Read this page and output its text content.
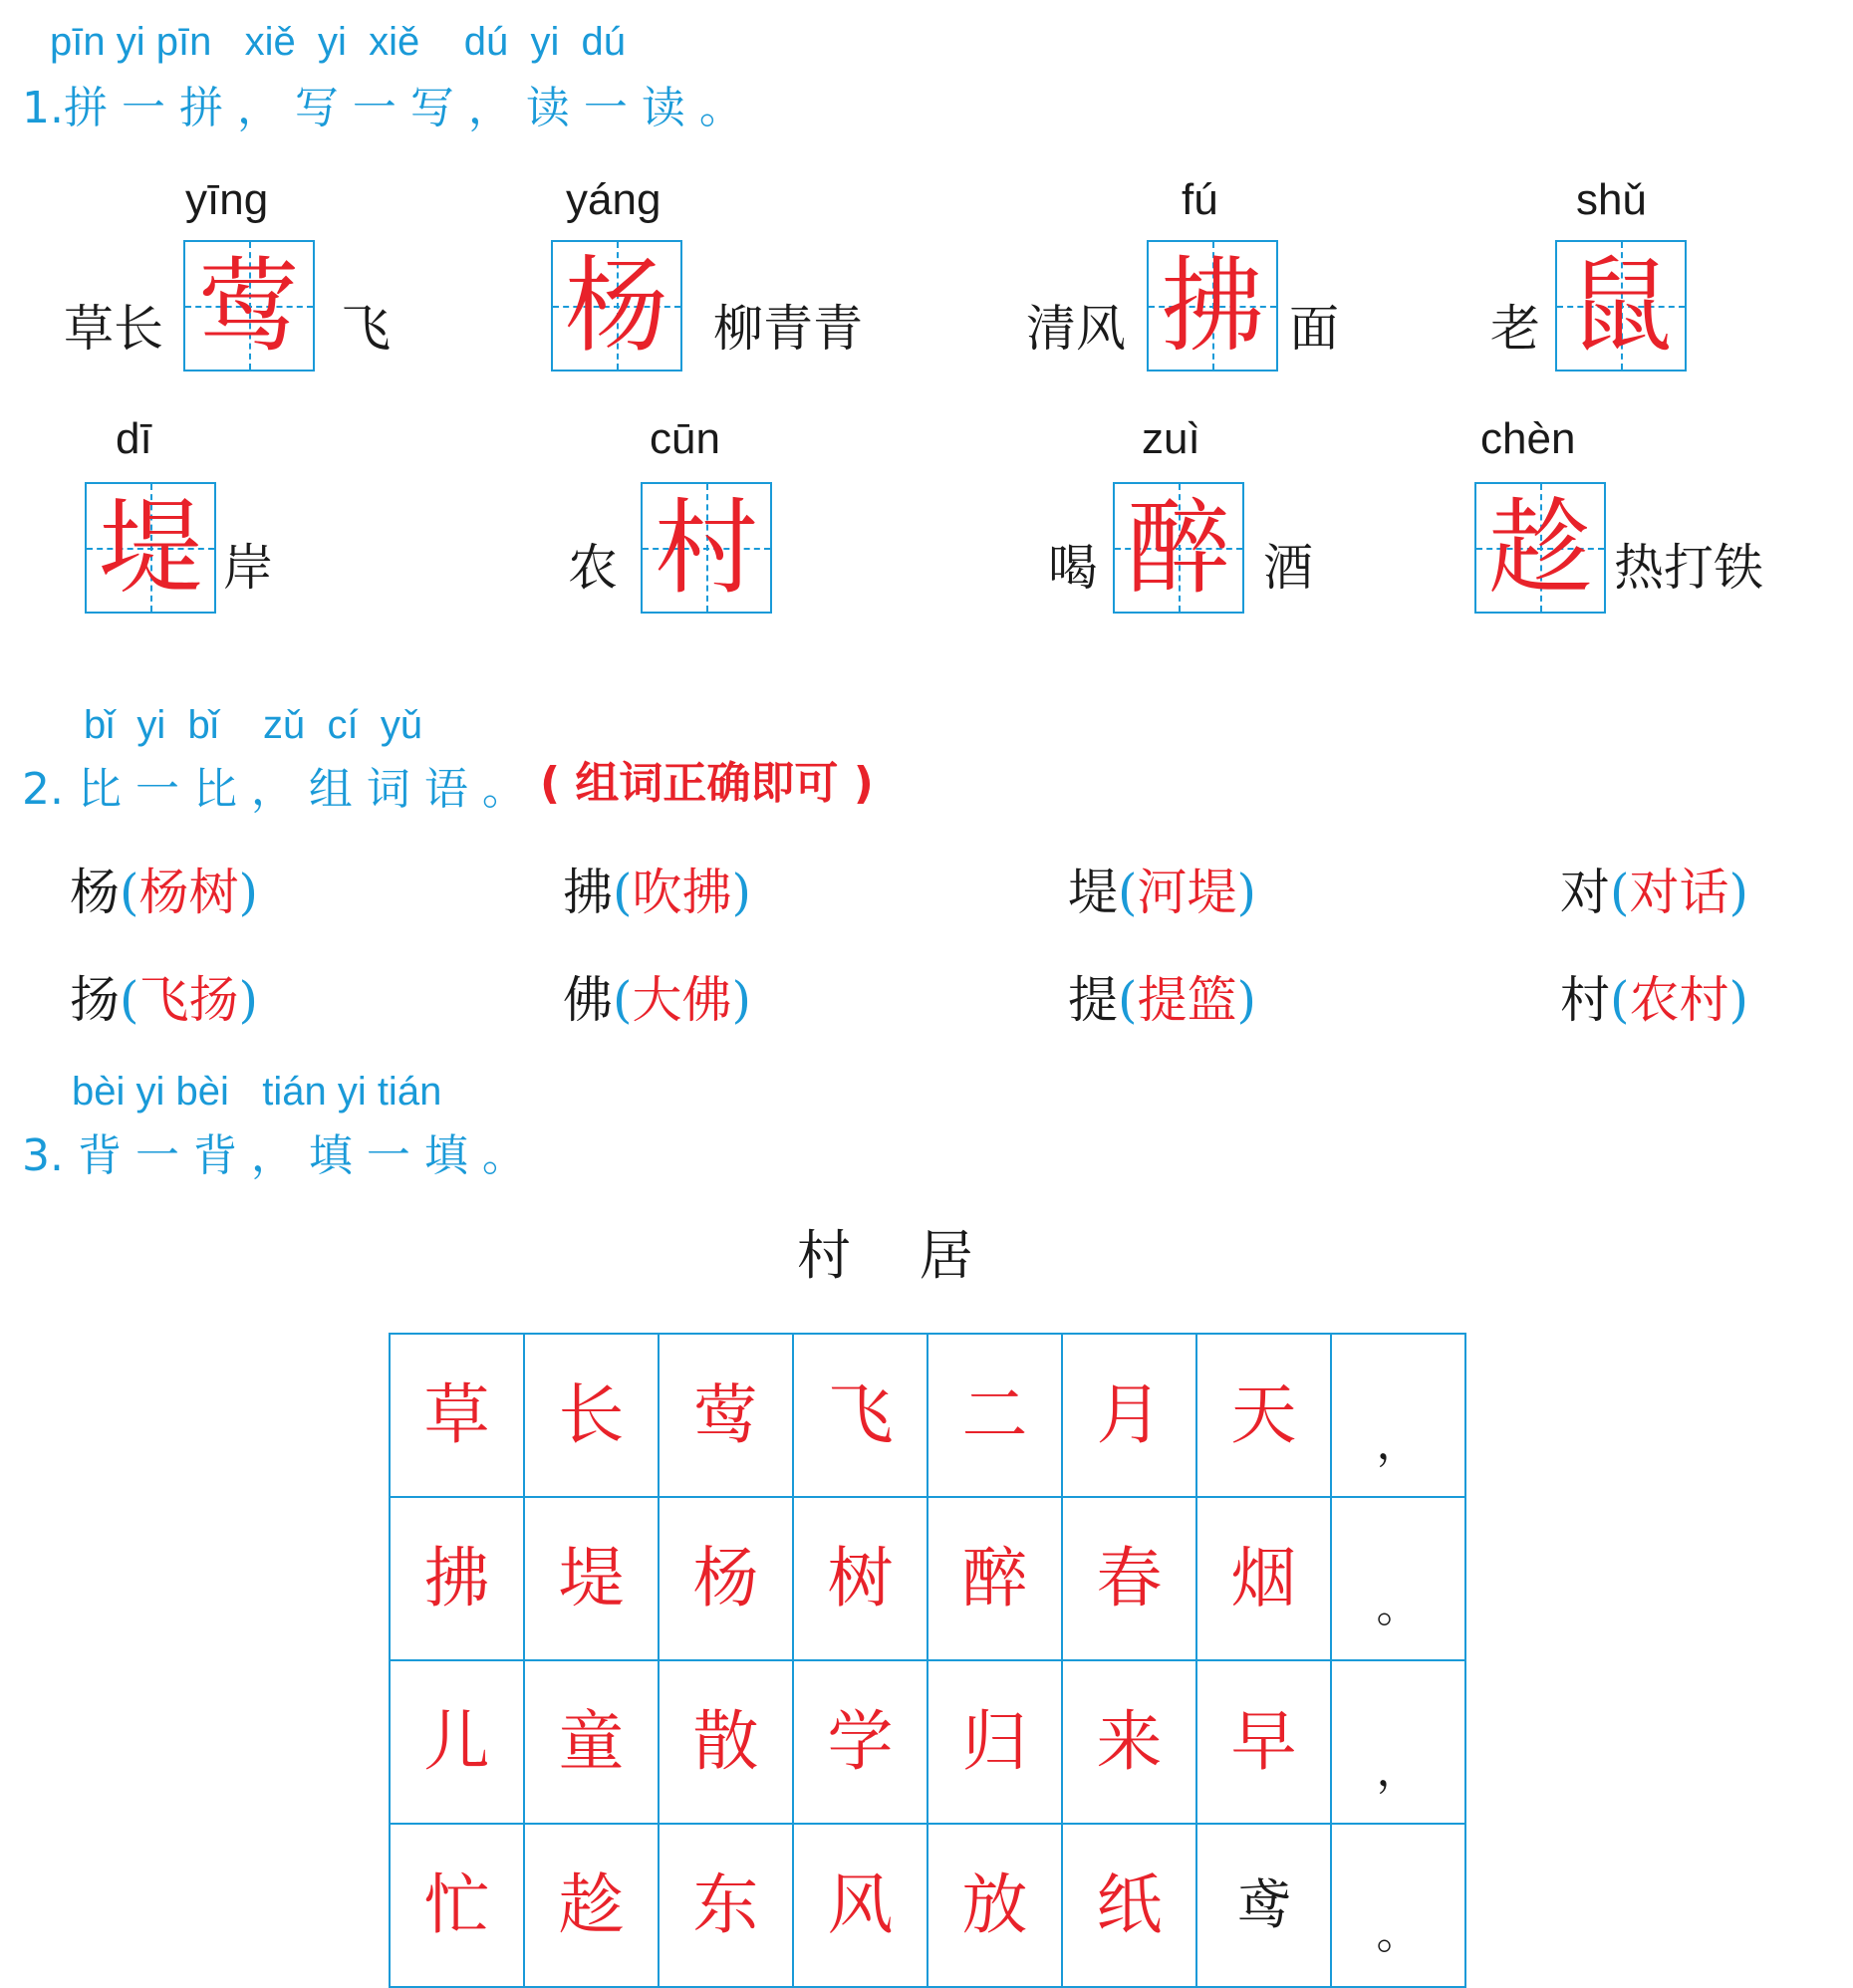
pīn yi pīn   xiě  yi  xiě    dú  yi  dú
1.拼 一 拼 ， 写 一 写 ， 读 一 读 。
yīng
草长 莺 飞
yáng
杨 柳青青
fú
清风 拂 面
shǔ
老 鼠
dī
堤 岸
cūn
农 村
zuì
喝 醉 酒
chèn
趁 热打铁
bǐ  yi  bǐ    zǔ  cí  yǔ
2. 比 一 比 ， 组 词 语 。 ( 组词正确即可 )
杨(杨树)	拂(吹拂)	堤(河堤)	对(对话)
扬(飞扬)	佛(大佛)	提(提篮)	村(农村)
bèi yi bèi   tián yi tián
3. 背 一 背 ， 填 一 填 。
村    居
草	长	莺	飞	二	月	天	，
拂	堤	杨	树	醉	春	烟	。
儿	童	散	学	归	来	早	，
忙	趁	东	风	放	纸	鸢	。
